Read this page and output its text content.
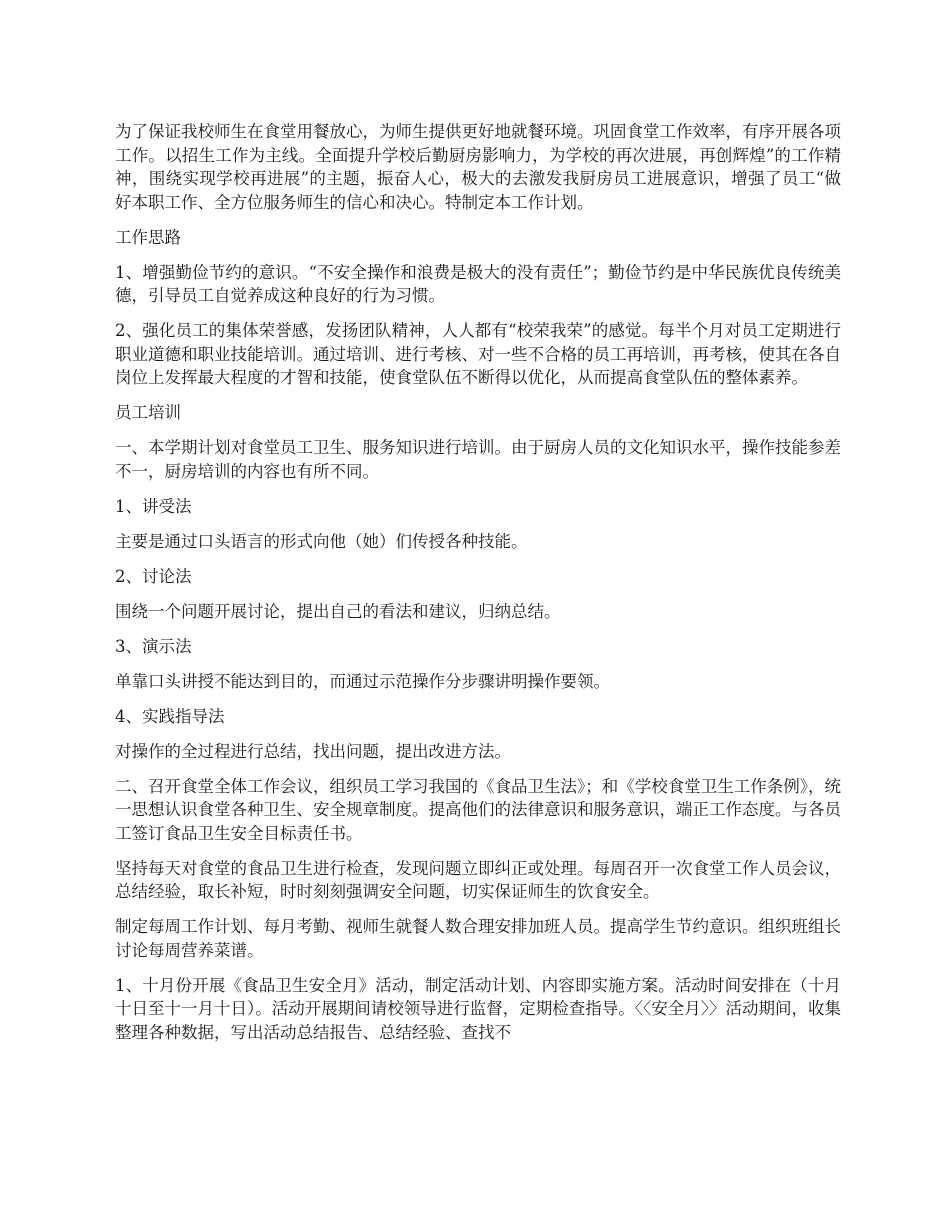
为了保证我校师生在食堂用餐放心，为师生提供更好地就餐环境。巩固食堂工作效率，有序开展各项工作。以招生工作为主线。全面提升学校后勤厨房影响力，为学校的再次进展，再创辉煌”的工作精神，围绕实现学校再进展”的主题，振奋人心，极大的去激发我厨房员工进展意识，增强了员工“做好本职工作、全方位服务师生的信心和决心。特制定本工作计划。

工作思路

1、增强勤俭节约的意识。“不安全操作和浪费是极大的没有责任”；勤俭节约是中华民族优良传统美德，引导员工自觉养成这种良好的行为习惯。

2、强化员工的集体荣誉感，发扬团队精神，人人都有“校荣我荣”的感觉。每半个月对员工定期进行职业道德和职业技能培训。通过培训、进行考核、对一些不合格的员工再培训，再考核，使其在各自岗位上发挥最大程度的才智和技能，使食堂队伍不断得以优化，从而提高食堂队伍的整体素养。

员工培训

一、本学期计划对食堂员工卫生、服务知识进行培训。由于厨房人员的文化知识水平，操作技能参差不一，厨房培训的内容也有所不同。

1、讲受法

主要是通过口头语言的形式向他（她）们传授各种技能。

2、讨论法

围绕一个问题开展讨论，提出自己的看法和建议，归纳总结。

3、演示法

单靠口头讲授不能达到目的，而通过示范操作分步骤讲明操作要领。

4、实践指导法

对操作的全过程进行总结，找出问题，提出改进方法。

二、召开食堂全体工作会议，组织员工学习我国的《食品卫生法》；和《学校食堂卫生工作条例》，统一思想认识食堂各种卫生、安全规章制度。提高他们的法律意识和服务意识，端正工作态度。与各员工签订食品卫生安全目标责任书。

坚持每天对食堂的食品卫生进行检查，发现问题立即纠正或处理。每周召开一次食堂工作人员会议，总结经验，取长补短，时时刻刻强调安全问题，切实保证师生的饮食安全。

制定每周工作计划、每月考勤、视师生就餐人数合理安排加班人员。提高学生节约意识。组织班组长讨论每周营养菜谱。

1、十月份开展《食品卫生安全月》活动，制定活动计划、内容即实施方案。活动时间安排在（十月十日至十一月十日）。活动开展期间请校领导进行监督，定期检查指导。〈〈安全月〉〉活动期间，收集整理各种数据，写出活动总结报告、总结经验、查找不
